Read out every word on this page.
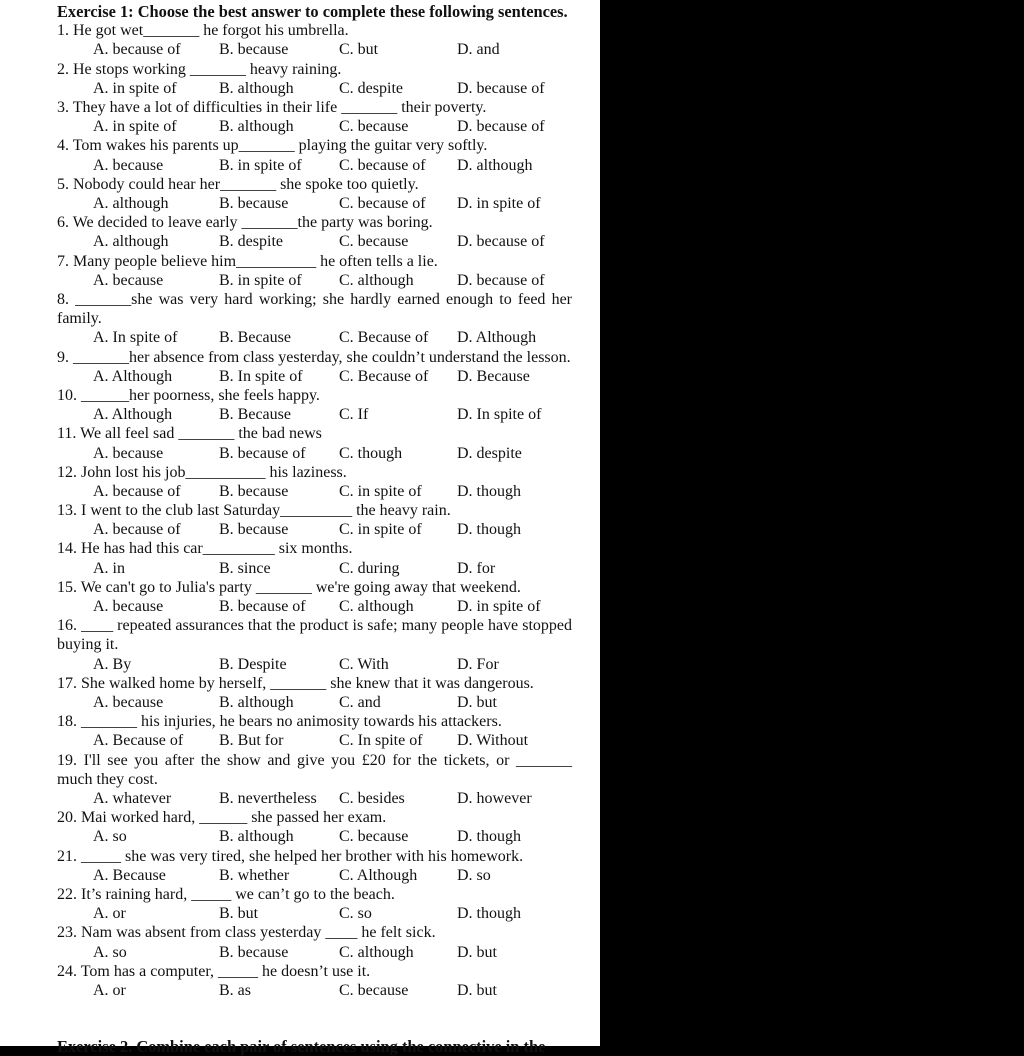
Exercise 1: Choose the best answer to complete these following sentences.

1. He got wet_______ he forgot his umbrella.

A. because of B. because	C. but	D. and

2. He stops working _______ heavy raining.

A. in spite of	B. although	C. despite	D. because of

3. They have a lot of difficulties in their life _______ their poverty.

A. in spite of	B. although	C. because	D. because of

4. Tom wakes his parents up_______ playing the guitar very softly.

A. because	B. in spite of C. because of D. although

5. Nobody could hear her_______ she spoke too quietly.

A. although	B. because	C. because of D. in spite of

6. We decided to leave early _______the party was boring.

A. although	B. despite	C. because	D. because of

7. Many people believe him__________ he often tells a lie.

A. because	B. in spite of C. although	D. because of

8. _______she was very hard working; she hardly earned enough to feed her family.

A. In spite of	B. Because	C. Because of D. Although

9. _______her absence from class yesterday, she couldn’t understand the lesson.

A. Although	B. In spite of C. Because of D. Because

10. ______her poorness, she feels happy.

A. Although	B. Because	C. If	D. In spite of

11. We all feel sad _______ the bad news

A. because	B. because of C. though	D. despite

12. John lost his job__________ his laziness.

A. because of B. because	C. in spite of D. though

13. I went to the club last Saturday_________ the heavy rain.

A. because of B. because	C. in spite of D. though

14. He has had this car_________ six months.

A. in	B. since	C. during	D. for

15. We can't go to Julia's party _______ we're going away that weekend.

A. because	B. because of C. although	D. in spite of

16. ____ repeated assurances that the product is safe; many people have stopped buying it.

A. By	B. Despite	C. With	D. For

17. She walked home by herself, _______ she knew that it was dangerous.

A. because	B. although	C. and	D. but

18. _______ his injuries, he bears no animosity towards his attackers.

A. Because of B. But for	C. In spite of D. Without

19. I'll see you after the show and give you £20 for the tickets, or _______ much they cost.

A. whatever	B. nevertheless C. besides	D. however

20. Mai worked hard, ______ she passed her exam.

A. so	B. although	C. because	D. though

21. _____ she was very tired, she helped her brother with his homework.

A. Because	B. whether	C. Although D. so

22. It’s raining hard, _____ we can’t go to the beach.

A. or	B. but	C. so	D. though

23. Nam was absent from class yesterday ____ he felt sick.

A. so	B. because	C. although	D. but

24. Tom has a computer, _____ he doesn’t use it.

A. or	B. as	C. because	D. but
Exercise 2. Combine each pair of sentences using the connective in the
